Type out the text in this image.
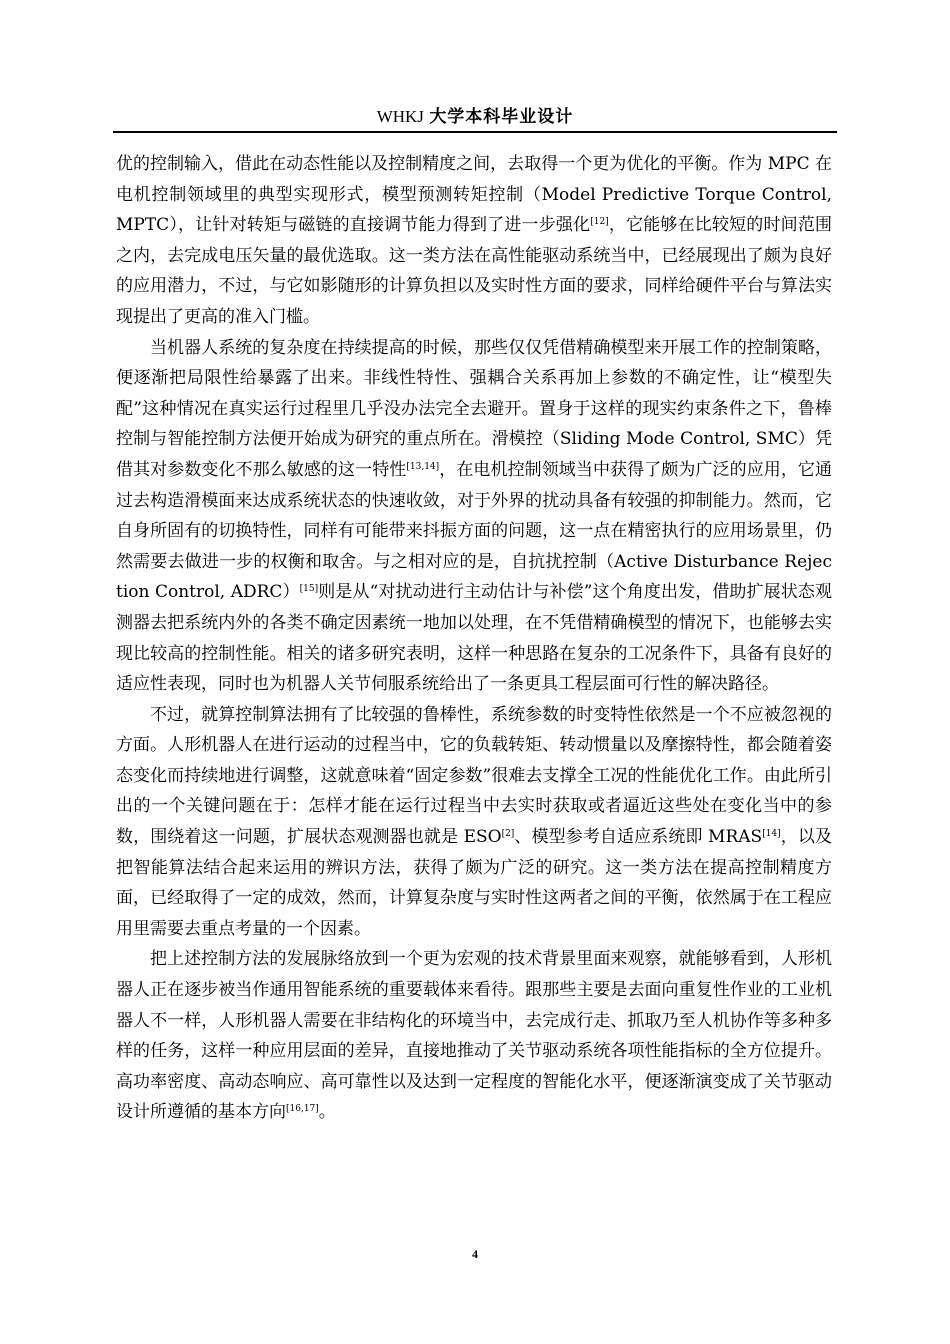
WHKJ 大学本科毕业设计

优的控制输入，借此在动态性能以及控制精度之间，去取得一个更为优化的平衡。作为 MPC 在电机控制领域里的典型实现形式，模型预测转矩控制（Model Predictive Torque Control, MPTC），让针对转矩与磁链的直接调节能力得到了进一步强化[12]，它能够在比较短的时间范围之内，去完成电压矢量的最优选取。这一类方法在高性能驱动系统当中，已经展现出了颇为良好的应用潜力，不过，与它如影随形的计算负担以及实时性方面的要求，同样给硬件平台与算法实现提出了更高的准入门槛。

当机器人系统的复杂度在持续提高的时候，那些仅仅凭借精确模型来开展工作的控制策略，便逐渐把局限性给暴露了出来。非线性特性、强耦合关系再加上参数的不确定性，让“模型失配”这种情况在真实运行过程里几乎没办法完全去避开。置身于这样的现实约束条件之下，鲁棒控制与智能控制方法便开始成为研究的重点所在。滑模控（Sliding Mode Control, SMC）凭借其对参数变化不那么敏感的这一特性[13,14]，在电机控制领域当中获得了颇为广泛的应用，它通过去构造滑模面来达成系统状态的快速收敛，对于外界的扰动具备有较强的抑制能力。然而，它自身所固有的切换特性，同样有可能带来抖振方面的问题，这一点在精密执行的应用场景里，仍然需要去做进一步的权衡和取舍。与之相对应的是，自抗扰控制（Active Disturbance Rejection Control, ADRC）[15]则是从“对扰动进行主动估计与补偿”这个角度出发，借助扩展状态观测器去把系统内外的各类不确定因素统一地加以处理，在不凭借精确模型的情况下，也能够去实现比较高的控制性能。相关的诸多研究表明，这样一种思路在复杂的工况条件下，具备有良好的适应性表现，同时也为机器人关节伺服系统给出了一条更具工程层面可行性的解决路径。

不过，就算控制算法拥有了比较强的鲁棒性，系统参数的时变特性依然是一个不应被忽视的方面。人形机器人在进行运动的过程当中，它的负载转矩、转动惯量以及摩擦特性，都会随着姿态变化而持续地进行调整，这就意味着“固定参数”很难去支撑全工况的性能优化工作。由此所引出的一个关键问题在于：怎样才能在运行过程当中去实时获取或者逼近这些处在变化当中的参数，围绕着这一问题，扩展状态观测器也就是 ESO[2]、模型参考自适应系统即 MRAS[14]，以及把智能算法结合起来运用的辨识方法，获得了颇为广泛的研究。这一类方法在提高控制精度方面，已经取得了一定的成效，然而，计算复杂度与实时性这两者之间的平衡，依然属于在工程应用里需要去重点考量的一个因素。

把上述控制方法的发展脉络放到一个更为宏观的技术背景里面来观察，就能够看到，人形机器人正在逐步被当作通用智能系统的重要载体来看待。跟那些主要是去面向重复性作业的工业机器人不一样，人形机器人需要在非结构化的环境当中，去完成行走、抓取乃至人机协作等多种多样的任务，这样一种应用层面的差异，直接地推动了关节驱动系统各项性能指标的全方位提升。高功率密度、高动态响应、高可靠性以及达到一定程度的智能化水平，便逐渐演变成了关节驱动设计所遵循的基本方向[16,17]。

4
